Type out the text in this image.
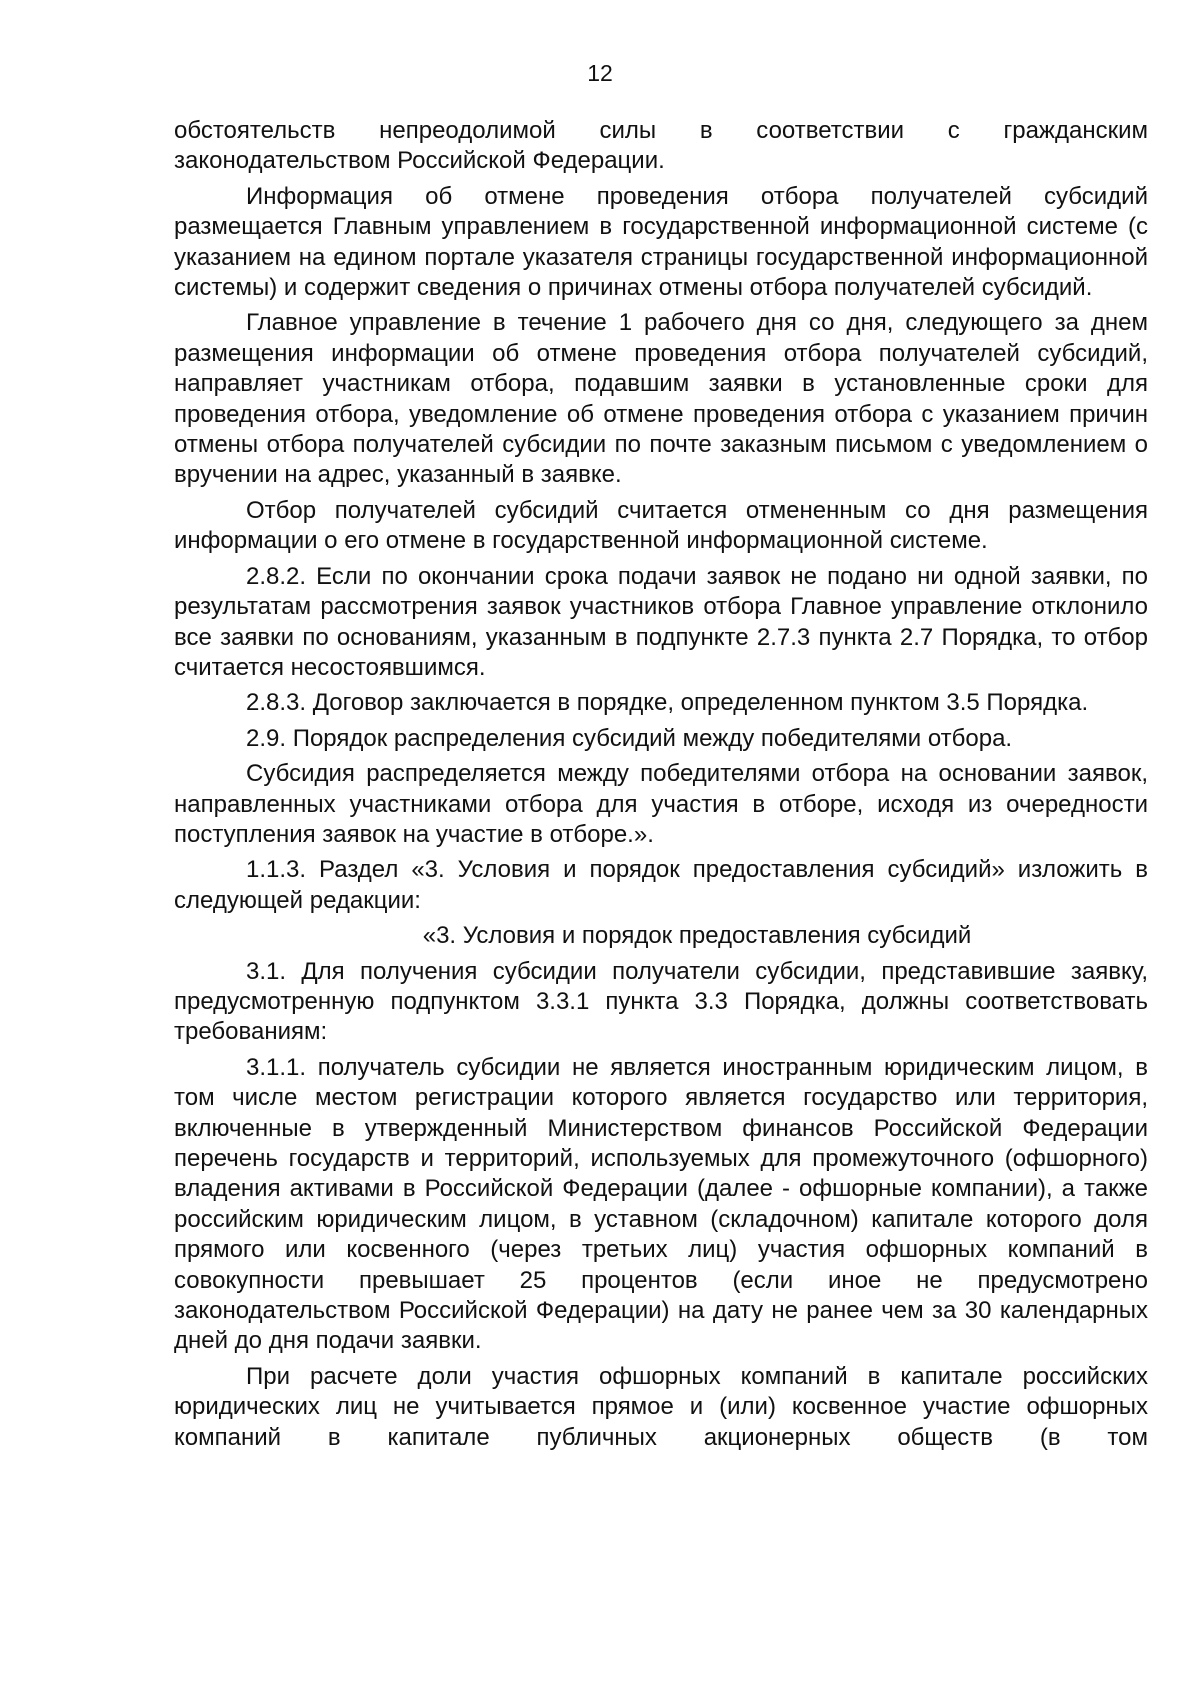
12

обстоятельств непреодолимой силы в соответствии с гражданским законодательством Российской Федерации.

Информация об отмене проведения отбора получателей субсидий размещается Главным управлением в государственной информационной системе (с указанием на едином портале указателя страницы государственной информационной системы) и содержит сведения о причинах отмены отбора получателей субсидий.

Главное управление в течение 1 рабочего дня со дня, следующего за днем размещения информации об отмене проведения отбора получателей субсидий, направляет участникам отбора, подавшим заявки в установленные сроки для проведения отбора, уведомление об отмене проведения отбора с указанием причин отмены отбора получателей субсидии по почте заказным письмом с уведомлением о вручении на адрес, указанный в заявке.

Отбор получателей субсидий считается отмененным со дня размещения информации о его отмене в государственной информационной системе.

2.8.2. Если по окончании срока подачи заявок не подано ни одной заявки, по результатам рассмотрения заявок участников отбора Главное управление отклонило все заявки по основаниям, указанным в подпункте 2.7.3 пункта 2.7 Порядка, то отбор считается несостоявшимся.

2.8.3. Договор заключается в порядке, определенном пунктом 3.5 Порядка.

2.9. Порядок распределения субсидий между победителями отбора.

Субсидия распределяется между победителями отбора на основании заявок, направленных участниками отбора для участия в отборе, исходя из очередности поступления заявок на участие в отборе.».

1.1.3. Раздел «3. Условия и порядок предоставления субсидий» изложить в следующей редакции:

«3. Условия и порядок предоставления субсидий

3.1. Для получения субсидии получатели субсидии, представившие заявку, предусмотренную подпунктом 3.3.1 пункта 3.3 Порядка, должны соответствовать требованиям:

3.1.1. получатель субсидии не является иностранным юридическим лицом, в том числе местом регистрации которого является государство или территория, включенные в утвержденный Министерством финансов Российской Федерации перечень государств и территорий, используемых для промежуточного (офшорного) владения активами в Российской Федерации (далее - офшорные компании), а также российским юридическим лицом, в уставном (складочном) капитале которого доля прямого или косвенного (через третьих лиц) участия офшорных компаний в совокупности превышает 25 процентов (если иное не предусмотрено законодательством Российской Федерации) на дату не ранее чем за 30 календарных дней до дня подачи заявки.

При расчете доли участия офшорных компаний в капитале российских юридических лиц не учитывается прямое и (или) косвенное участие офшорных компаний в капитале публичных акционерных обществ (в том
